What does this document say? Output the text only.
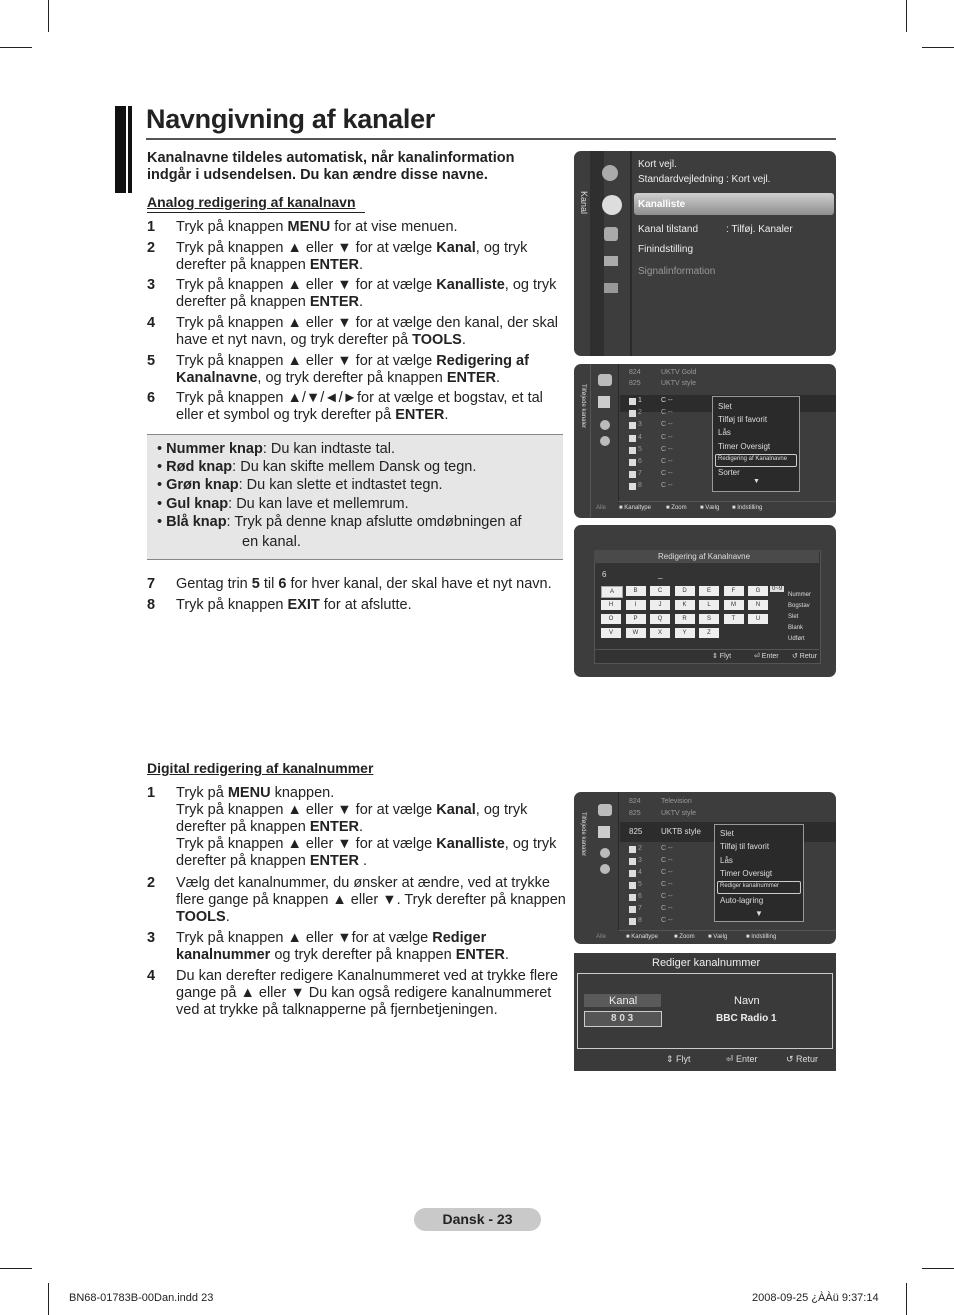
Navngivning af kanaler
Kanalnavne tildeles automatisk, når kanalinformation indgår i udsendelsen. Du kan ændre disse navne.
Analog redigering af kanalnavn
1 Tryk på knappen MENU for at vise menuen.
2 Tryk på knappen ▲ eller ▼ for at vælge Kanal, og tryk derefter på knappen ENTER.
3 Tryk på knappen ▲ eller ▼ for at vælge Kanalliste, og tryk derefter på knappen ENTER.
4 Tryk på knappen ▲ eller ▼ for at vælge den kanal, der skal have et nyt navn, og tryk derefter på TOOLS.
5 Tryk på knappen ▲ eller ▼ for at vælge Redigering af Kanalnavne, og tryk derefter på knappen ENTER.
6 Tryk på knappen ▲/▼/◄/►for at vælge et bogstav, et tal eller et symbol og tryk derefter på ENTER.
• Nummer knap: Du kan indtaste tal.
• Rød knap: Du kan skifte mellem Dansk og tegn.
• Grøn knap: Du kan slette et indtastet tegn.
• Gul knap: Du kan lave et mellemrum.
• Blå knap: Tryk på denne knap afslutte omdøbningen af
en kanal.
7 Gentag trin 5 til 6 for hver kanal, der skal have et nyt navn.
8 Tryk på knappen EXIT for at afslutte.
Digital redigering af kanalnummer
1 Tryk på MENU knappen.
Tryk på knappen ▲ eller ▼ for at vælge Kanal, og tryk derefter på knappen ENTER.
Tryk på knappen ▲ eller ▼ for at vælge Kanalliste, og tryk derefter på knappen ENTER .
2 Vælg det kanalnummer, du ønsker at ændre, ved at trykke flere gange på knappen ▲ eller ▼. Tryk derefter på knappen TOOLS.
3 Tryk på knappen ▲ eller ▼for at vælge Rediger kanalnummer og tryk derefter på knappen ENTER.
4 Du kan derefter redigere Kanalnummeret ved at trykke flere gange på ▲ eller ▼ Du kan også redigere kanalnummeret ved at trykke på talknapperne på fjernbetjeningen.
Kanal
Kort vejl.
Standardvejledning : Kort vejl.
Kanalliste
Kanal tilstand	: Tilføj. Kanaler
Finindstilling
Signalinformation
Tilføjede kanaler
824	UKTV Gold
825	UKTV style
1	C --
2	C --
3	C --
4	C --
5	C --
6	C --
7	C --
8	C --
Alle ■ Kanaltype	■ Zoom ■ Vælg ■ Indstilling
Slet
Tilføj til favorit
Lås
Timer Oversigt
Redigering af Kanalnavne
Sorter
▼
Redigering af Kanalnavne
6	_
A	B	C	D	E	F	G
H	I	J	K	L	M	N
O	P	Q	R	S	T	U
V	W	X	Y	Z
0~9
Nummer
Bogstav
Slet
Blank
Udført
⇕ Flyt	⏎ Enter ↺ Retur
Tilføjede kanaler
824	Television
825	UKTV style
825 UKTB style
2	C --
3	C --
4	C --
5	C --
6	C --
7	C --
8	C --
Alle	■ Kanaltype	■ Zoom ■ Vælg	■ Indstilling
Slet
Tilføj til favorit
Lås
Timer Oversigt
Rediger kanalnummer
Auto-lagring
▼
Rediger kanalnummer
Kanal	Navn
8 0 3	BBC Radio 1
⇕ Flyt	⏎ Enter	↺ Retur
Dansk - 23
BN68-01783B-00Dan.indd 23	2008-09-25 ¿ÀÀü 9:37:14
